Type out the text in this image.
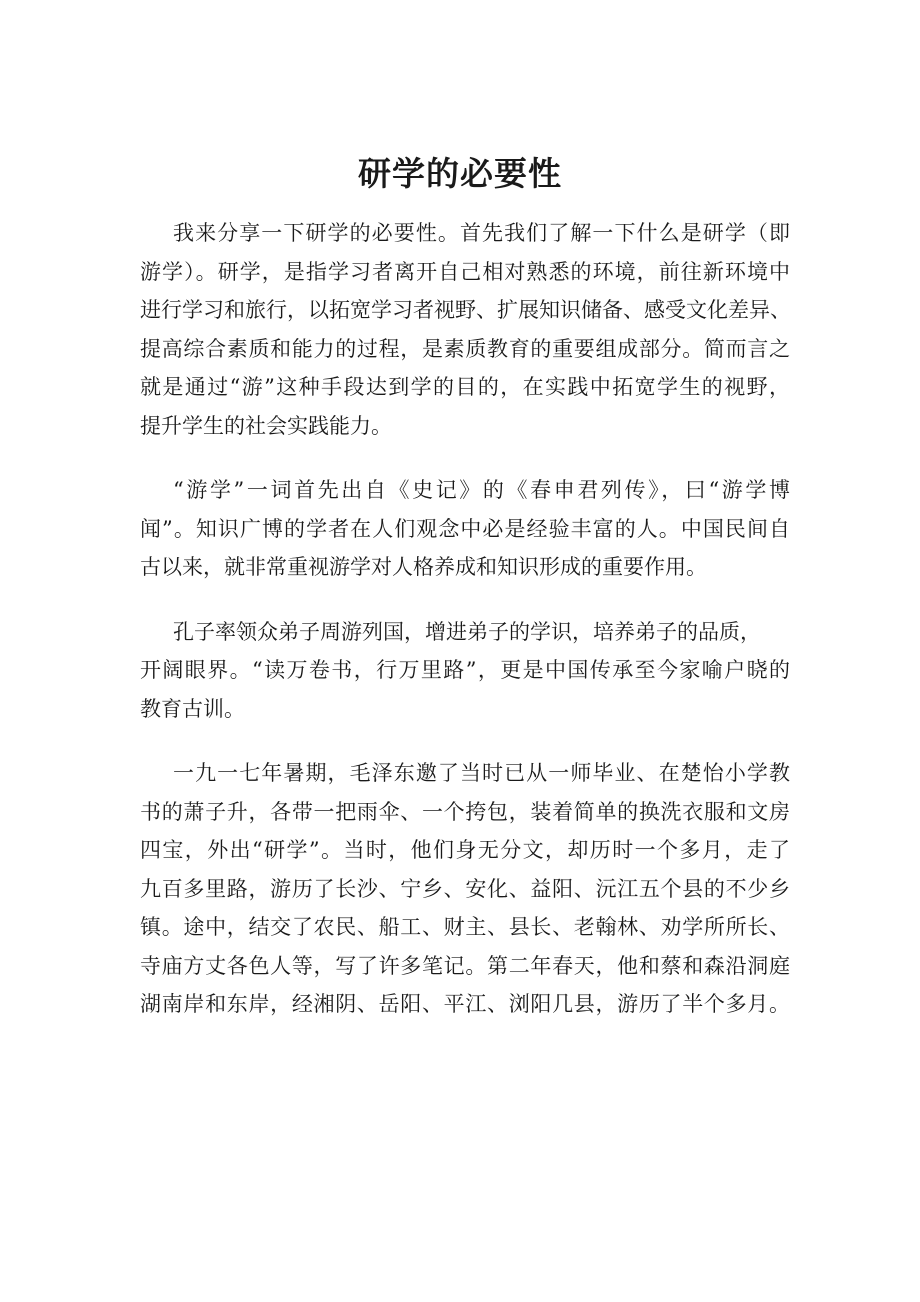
研学的必要性

我来分享一下研学的必要性。首先我们了解一下什么是研学（即
游学）。研学，是指学习者离开自己相对熟悉的环境，前往新环境中
进行学习和旅行，以拓宽学习者视野、扩展知识储备、感受文化差异、
提高综合素质和能力的过程，是素质教育的重要组成部分。简而言之
就是通过“游”这种手段达到学的目的，在实践中拓宽学生的视野，
提升学生的社会实践能力。

“游学”一词首先出自《史记》的《春申君列传》，曰“游学博
闻”。知识广博的学者在人们观念中必是经验丰富的人。中国民间自
古以来，就非常重视游学对人格养成和知识形成的重要作用。

孔子率领众弟子周游列国，增进弟子的学识，培养弟子的品质，
开阔眼界。“读万卷书，行万里路”，更是中国传承至今家喻户晓的
教育古训。

一九一七年暑期，毛泽东邀了当时已从一师毕业、在楚怡小学教
书的萧子升，各带一把雨伞、一个挎包，装着简单的换洗衣服和文房
四宝，外出“研学”。当时，他们身无分文，却历时一个多月，走了
九百多里路，游历了长沙、宁乡、安化、益阳、沅江五个县的不少乡
镇。途中，结交了农民、船工、财主、县长、老翰林、劝学所所长、
寺庙方丈各色人等，写了许多笔记。第二年春天，他和蔡和森沿洞庭
湖南岸和东岸，经湘阴、岳阳、平江、浏阳几县，游历了半个多月。
